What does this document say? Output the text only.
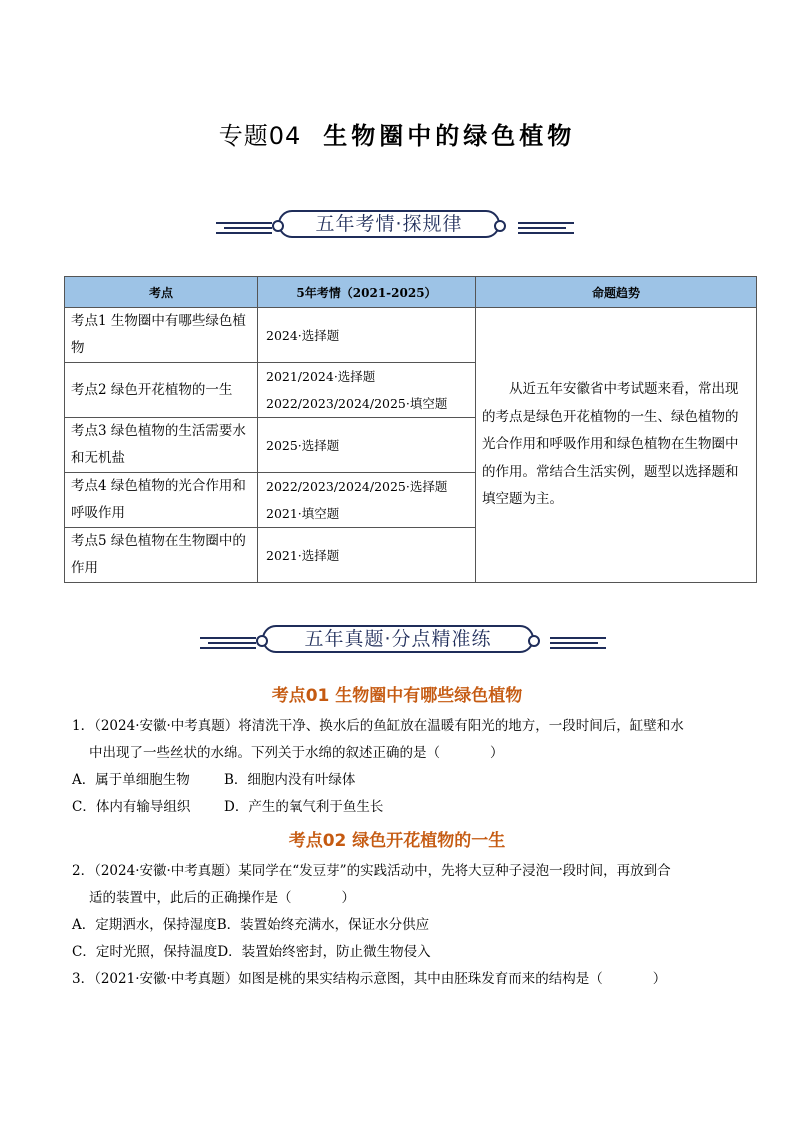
专题04 生物圈中的绿色植物
五年考情·探规律
考点	5年考情（2021-2025）	命题趋势
考点1 生物圈中有哪些绿色植物	2024·选择题	从近五年安徽省中考试题来看，常出现的考点是绿色开花植物的一生、绿色植物的光合作用和呼吸作用和绿色植物在生物圈中的作用。常结合生活实例，题型以选择题和填空题为主。
考点2 绿色开花植物的一生	2021/2024·选择题
2022/2023/2024/2025·填空题	

考点3 绿色植物的生活需要水和无机盐	2025·选择题	

考点4 绿色植物的光合作用和呼吸作用	2022/2023/2024/2025·选择题
2021·填空题	

考点5 绿色植物在生物圈中的作用	2021·选择题	
五年真题·分点精准练
考点01 生物圈中有哪些绿色植物
1．（2024·安徽·中考真题）将清洗干净、换水后的鱼缸放在温暖有阳光的地方，一段时间后，缸壁和水
中出现了一些丝状的水绵。下列关于水绵的叙述正确的是（	）
A．属于单细胞生物	B．细胞内没有叶绿体
C．体内有输导组织 D．产生的氧气利于鱼生长
考点02 绿色开花植物的一生
2．（2024·安徽·中考真题）某同学在“发豆芽”的实践活动中，先将大豆种子浸泡一段时间，再放到合
适的装置中，此后的正确操作是（	）
A．定期洒水，保持湿度B．装置始终充满水，保证水分供应
C．定时光照，保持温度D．装置始终密封，防止微生物侵入
3．（2021·安徽·中考真题）如图是桃的果实结构示意图，其中由胚珠发育而来的结构是（	）
